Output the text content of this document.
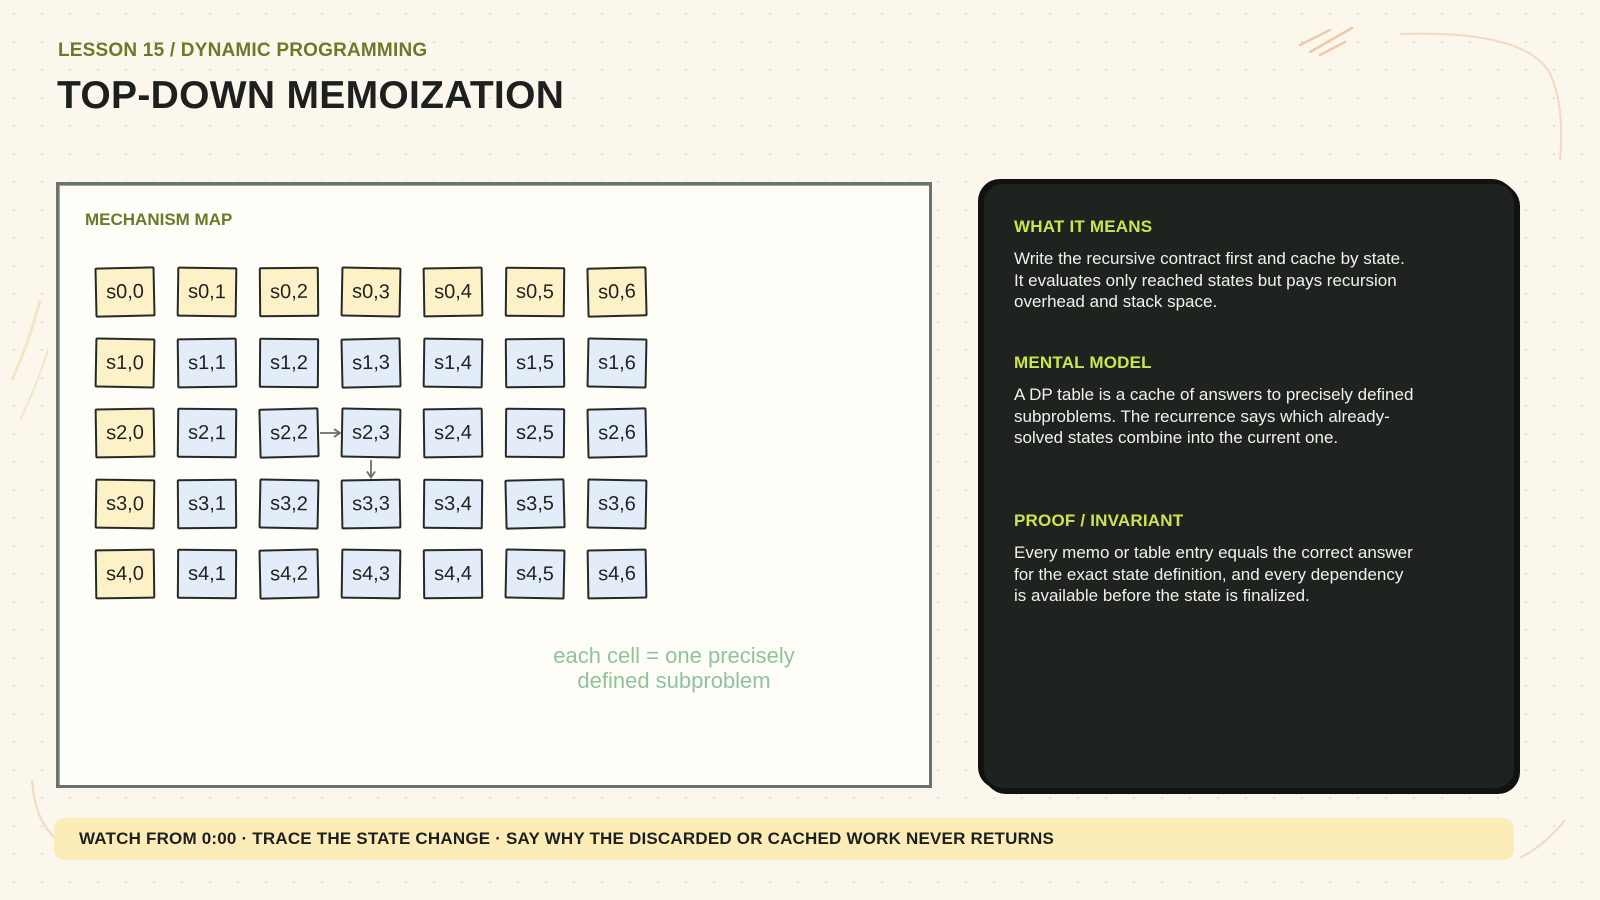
LESSON 15 / DYNAMIC PROGRAMMING
TOP-DOWN MEMOIZATION
MECHANISM MAP
s0,0	s0,1	s0,2	s0,3	s0,4	s0,5	s0,6
s1,0	s1,1	s1,2	s1,3	s1,4	s1,5	s1,6
s2,0	s2,1	s2,2	s2,3	s2,4	s2,5	s2,6
s3,0	s3,1	s3,2	s3,3	s3,4	s3,5	s3,6
s4,0	s4,1	s4,2	s4,3	s4,4	s4,5	s4,6
each cell = one precisely
defined subproblem
WHAT IT MEANS

Write the recursive contract first and cache by state. It evaluates only reached states but pays recursion overhead and stack space.

MENTAL MODEL

A DP table is a cache of answers to precisely defined subproblems. The recurrence says which already-solved states combine into the current one.

PROOF / INVARIANT

Every memo or table entry equals the correct answer for the exact state definition, and every dependency is available before the state is finalized.

WATCH FROM 0:00 · TRACE THE STATE CHANGE · SAY WHY THE DISCARDED OR CACHED WORK NEVER RETURNS
